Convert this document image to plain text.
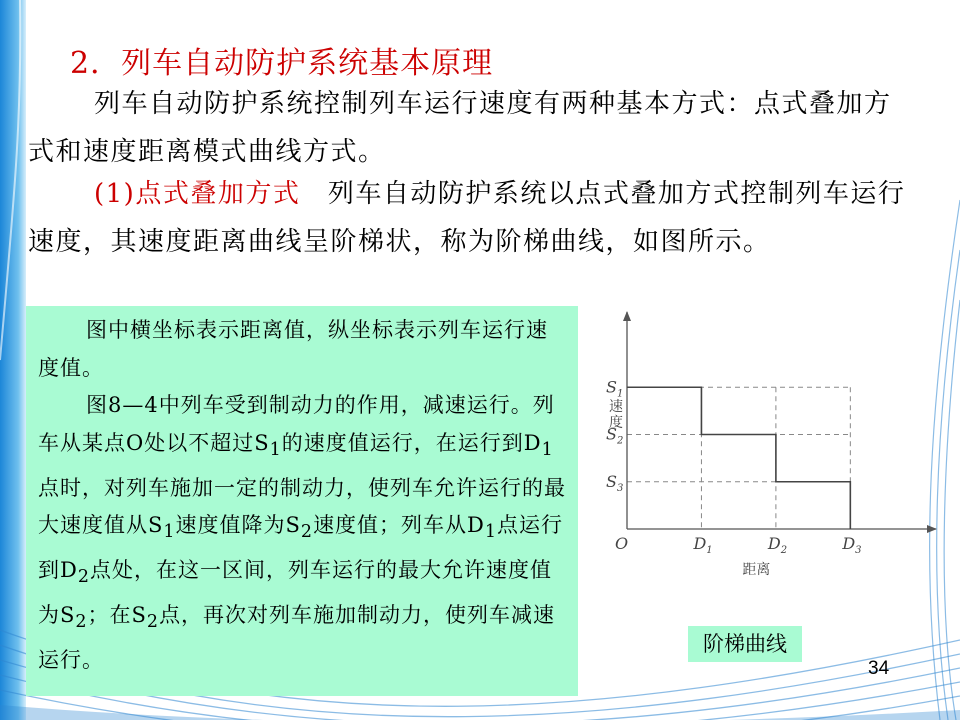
2．列车自动防护系统基本原理

列车自动防护系统控制列车运行速度有两种基本方式：点式叠加方式和速度距离模式曲线方式。

(1)点式叠加方式　列车自动防护系统以点式叠加方式控制列车运行速度，其速度距离曲线呈阶梯状，称为阶梯曲线，如图所示。

图中横坐标表示距离值，纵坐标表示列车运行速度值。

图8—4中列车受到制动力的作用，减速运行。列车从某点O处以不超过$S_1$的速度值运行，在运行到$D_1$点时，对列车施加一定的制动力，使列车允许运行的最大速度值从$S_1$速度值降为$S_2$速度值；列车从$D_1$点运行到$D_2$点处，在这一区间，列车运行的最大允许速度值为$S_2$；在$S_2$点，再次对列车施加制动力，使列车减速运行。

$D_1$	$D_2$	$D_3$
$S_1$
$S_2$
$S_3$
O
距离
速度
阶梯曲线
34
